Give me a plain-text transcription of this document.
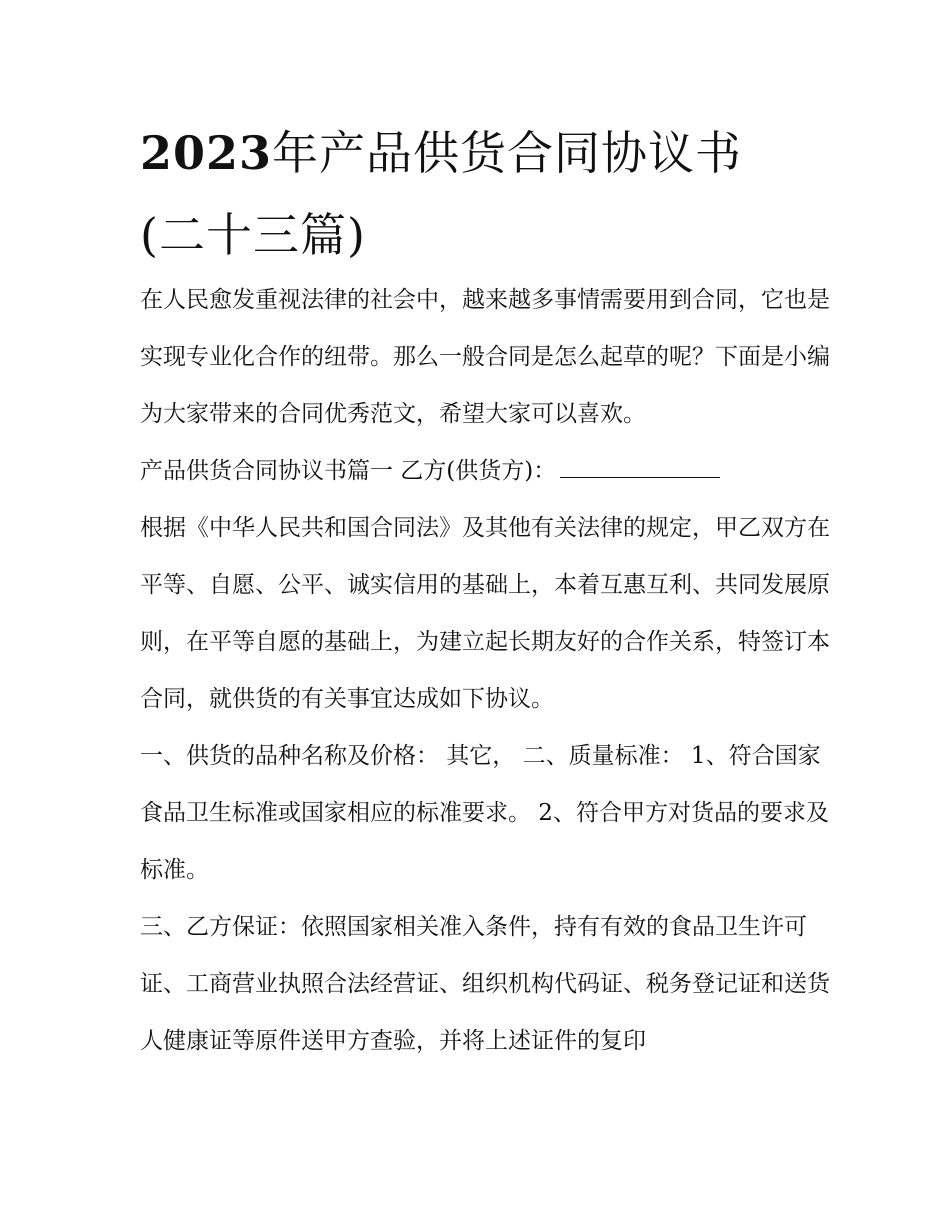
2023年产品供货合同协议书
(二十三篇)

在人民愈发重视法律的社会中，越来越多事情需要用到合同，它也是实现专业化合作的纽带。那么一般合同是怎么起草的呢？下面是小编为大家带来的合同优秀范文，希望大家可以喜欢。

产品供货合同协议书篇一 乙方(供货方)：

根据《中华人民共和国合同法》及其他有关法律的规定，甲乙双方在平等、自愿、公平、诚实信用的基础上，本着互惠互利、共同发展原则，在平等自愿的基础上，为建立起长期友好的合作关系，特签订本合同，就供货的有关事宜达成如下协议。

一、供货的品种名称及价格： 其它， 二、质量标准： 1、符合国家食品卫生标准或国家相应的标准要求。 2、符合甲方对货品的要求及标准。

三、乙方保证：依照国家相关准入条件，持有有效的食品卫生许可证、工商营业执照合法经营证、组织机构代码证、税务登记证和送货人健康证等原件送甲方查验，并将上述证件的复印
